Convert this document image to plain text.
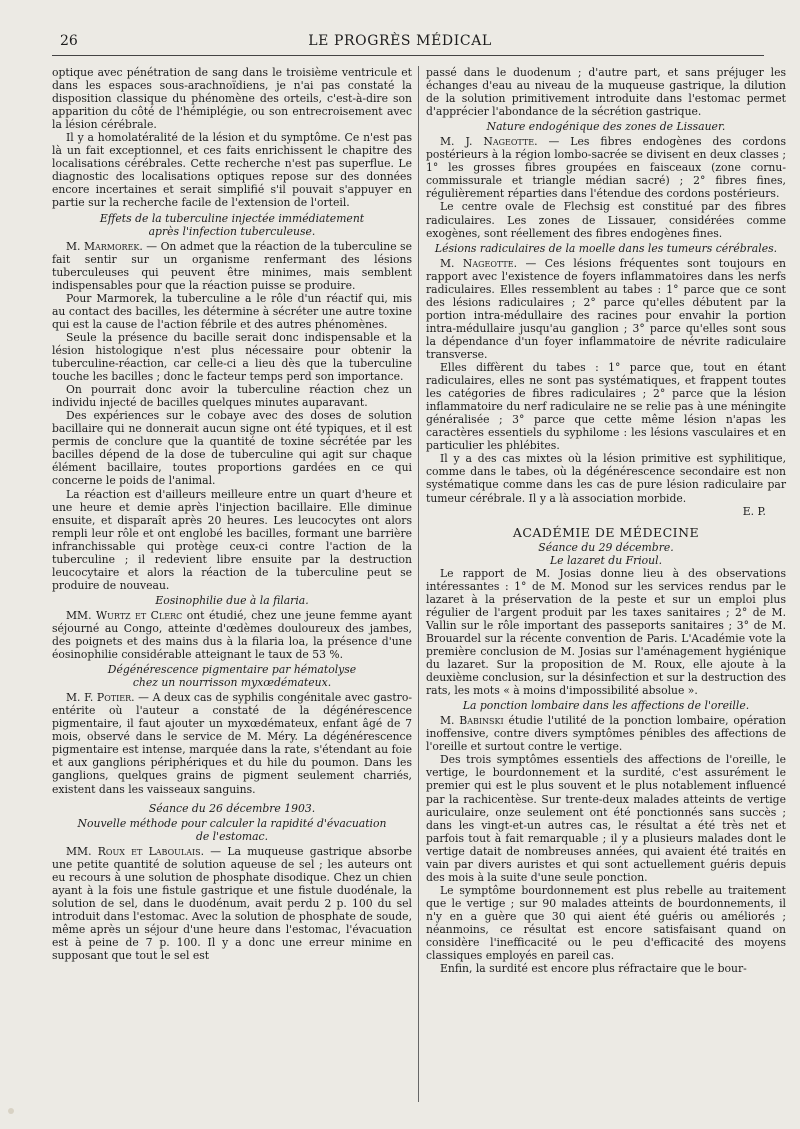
26	LE PROGRÈS MÉDICAL

optique avec pénétration de sang dans le troisième ventricule et dans les espaces sous-arachnoïdiens, je n'ai pas constaté la disposition classique du phénomène des orteils, c'est-à-dire son apparition du côté de l'hémiplégie, ou son entrecroisement avec la lésion cérébrale.

Il y a homolatéralité de la lésion et du symptôme. Ce n'est pas là un fait exceptionnel, et ces faits enrichissent le chapitre des localisations cérébrales. Cette recherche n'est pas superflue. Le diagnostic des localisations optiques repose sur des données encore incertaines et serait simplifié s'il pouvait s'appuyer en partie sur la recherche facile de l'extension de l'orteil.

Effets de la tuberculine injectée immédiatement
après l'infection tuberculeuse.

M. Marmorek. — On admet que la réaction de la tuberculine se fait sentir sur un organisme renfermant des lésions tuberculeuses qui peuvent être minimes, mais semblent indispensables pour que la réaction puisse se produire.

Pour Marmorek, la tuberculine a le rôle d'un réactif qui, mis au contact des bacilles, les détermine à sécréter une autre toxine qui est la cause de l'action fébrile et des autres phénomènes.

Seule la présence du bacille serait donc indispensable et la lésion histologique n'est plus nécessaire pour obtenir la tuberculine-réaction, car celle-ci a lieu dès que la tuberculine touche les bacilles ; donc le facteur temps perd son importance.

On pourrait donc avoir la tuberculine réaction chez un individu injecté de bacilles quelques minutes auparavant.

Des expériences sur le cobaye avec des doses de solution bacillaire qui ne donnerait aucun signe ont été typiques, et il est permis de conclure que la quantité de toxine sécrétée par les bacilles dépend de la dose de tuberculine qui agit sur chaque élément bacillaire, toutes proportions gardées en ce qui concerne le poids de l'animal.

La réaction est d'ailleurs meilleure entre un quart d'heure et une heure et demie après l'injection bacillaire. Elle diminue ensuite, et disparaît après 20 heures. Les leucocytes ont alors rempli leur rôle et ont englobé les bacilles, formant une barrière infranchissable qui protège ceux-ci contre l'action de la tuberculine ; il redevient libre ensuite par la destruction leucocytaire et alors la réaction de la tuberculine peut se produire de nouveau.

Eosinophilie due à la filaria.

MM. Wurtz et Clerc ont étudié, chez une jeune femme ayant séjourné au Congo, atteinte d'œdèmes douloureux des jambes, des poignets et des mains dus à la filaria loa, la présence d'une éosinophilie considérable atteignant le taux de 53 %.

Dégénérescence pigmentaire par hématolyse
chez un nourrisson myxœdémateux.

M. F. Potier. — A deux cas de syphilis congénitale avec gastro-entérite où l'auteur a constaté de la dégénérescence pigmentaire, il faut ajouter un myxœdémateux, enfant âgé de 7 mois, observé dans le service de M. Méry. La dégénérescence pigmentaire est intense, marquée dans la rate, s'étendant au foie et aux ganglions périphériques et du hile du poumon. Dans les ganglions, quelques grains de pigment seulement charriés, existent dans les vaisseaux sanguins.

Séance du 26 décembre 1903.
Nouvelle méthode pour calculer la rapidité d'évacuation
de l'estomac.

MM. Roux et Laboulais. — La muqueuse gastrique absorbe une petite quantité de solution aqueuse de sel ; les auteurs ont eu recours à une solution de phosphate disodique. Chez un chien ayant à la fois une fistule gastrique et une fistule duodénale, la solution de sel, dans le duodénum, avait perdu 2 p. 100 du sel introduit dans l'estomac. Avec la solution de phosphate de soude, même après un séjour d'une heure dans l'estomac, l'évacuation est à peine de 7 p. 100. Il y a donc une erreur minime en supposant que tout le sel est

passé dans le duodenum ; d'autre part, et sans préjuger les échanges d'eau au niveau de la muqueuse gastrique, la dilution de la solution primitivement introduite dans l'estomac permet d'apprécier l'abondance de la sécrétion gastrique.

Nature endogénique des zones de Lissauer.

M. J. Nageotte. — Les fibres endogènes des cordons postérieurs à la région lombo-sacrée se divisent en deux classes ; 1° les grosses fibres groupées en faisceaux (zone cornu-commissurale et triangle médian sacré) ; 2° fibres fines, régulièrement réparties dans l'étendue des cordons postérieurs.

Le centre ovale de Flechsig est constitué par des fibres radiculaires. Les zones de Lissauer, considérées comme exogènes, sont réellement des fibres endogènes fines.

Lésions radiculaires de la moelle dans les tumeurs cérébrales.

M. Nageotte. — Ces lésions fréquentes sont toujours en rapport avec l'existence de foyers inflammatoires dans les nerfs radiculaires. Elles ressemblent au tabes : 1° parce que ce sont des lésions radiculaires ; 2° parce qu'elles débutent par la portion intra-médullaire des racines pour envahir la portion intra-médullaire jusqu'au ganglion ; 3° parce qu'elles sont sous la dépendance d'un foyer inflammatoire de névrite radiculaire transverse.

Elles diffèrent du tabes : 1° parce que, tout en étant radiculaires, elles ne sont pas systématiques, et frappent toutes les catégories de fibres radiculaires ; 2° parce que la lésion inflammatoire du nerf radiculaire ne se relie pas à une méningite généralisée ; 3° parce que cette même lésion n'apas les caractères essentiels du syphilome : les lésions vasculaires et en particulier les phlébites.

Il y a des cas mixtes où la lésion primitive est syphilitique, comme dans le tabes, où la dégénérescence secondaire est non systématique comme dans les cas de pure lésion radiculaire par tumeur cérébrale. Il y a là association morbide.

E. P.
ACADÉMIE DE MÉDECINE
Séance du 29 décembre.
Le lazaret du Frioul.

Le rapport de M. Josias donne lieu à des observations intéressantes : 1° de M. Monod sur les services rendus par le lazaret à la préservation de la peste et sur un emploi plus régulier de l'argent produit par les taxes sanitaires ; 2° de M. Vallin sur le rôle important des passeports sanitaires ; 3° de M. Brouardel sur la récente convention de Paris. L'Académie vote la première conclusion de M. Josias sur l'aménagement hygiénique du lazaret. Sur la proposition de M. Roux, elle ajoute à la deuxième conclusion, sur la désinfection et sur la destruction des rats, les mots « à moins d'impossibilité absolue ».

La ponction lombaire dans les affections de l'oreille.

M. Babinski étudie l'utilité de la ponction lombaire, opération inoffensive, contre divers symptômes pénibles des affections de l'oreille et surtout contre le vertige.

Des trois symptômes essentiels des affections de l'oreille, le vertige, le bourdonnement et la surdité, c'est assurément le premier qui est le plus souvent et le plus notablement influencé par la rachicentèse. Sur trente-deux malades atteints de vertige auriculaire, onze seulement ont été ponctionnés sans succès ; dans les vingt-et-un autres cas, le résultat a été très net et parfois tout à fait remarquable ; il y a plusieurs malades dont le vertige datait de nombreuses années, qui avaient été traités en vain par divers auristes et qui sont actuellement guéris depuis des mois à la suite d'une seule ponction.

Le symptôme bourdonnement est plus rebelle au traitement que le vertige ; sur 90 malades atteints de bourdonnements, il n'y en a guère que 30 qui aient été guéris ou améliorés ; néanmoins, ce résultat est encore satisfaisant quand on considère l'inefficacité ou le peu d'efficacité des moyens classiques employés en pareil cas.

Enfin, la surdité est encore plus réfractaire que le bour-
